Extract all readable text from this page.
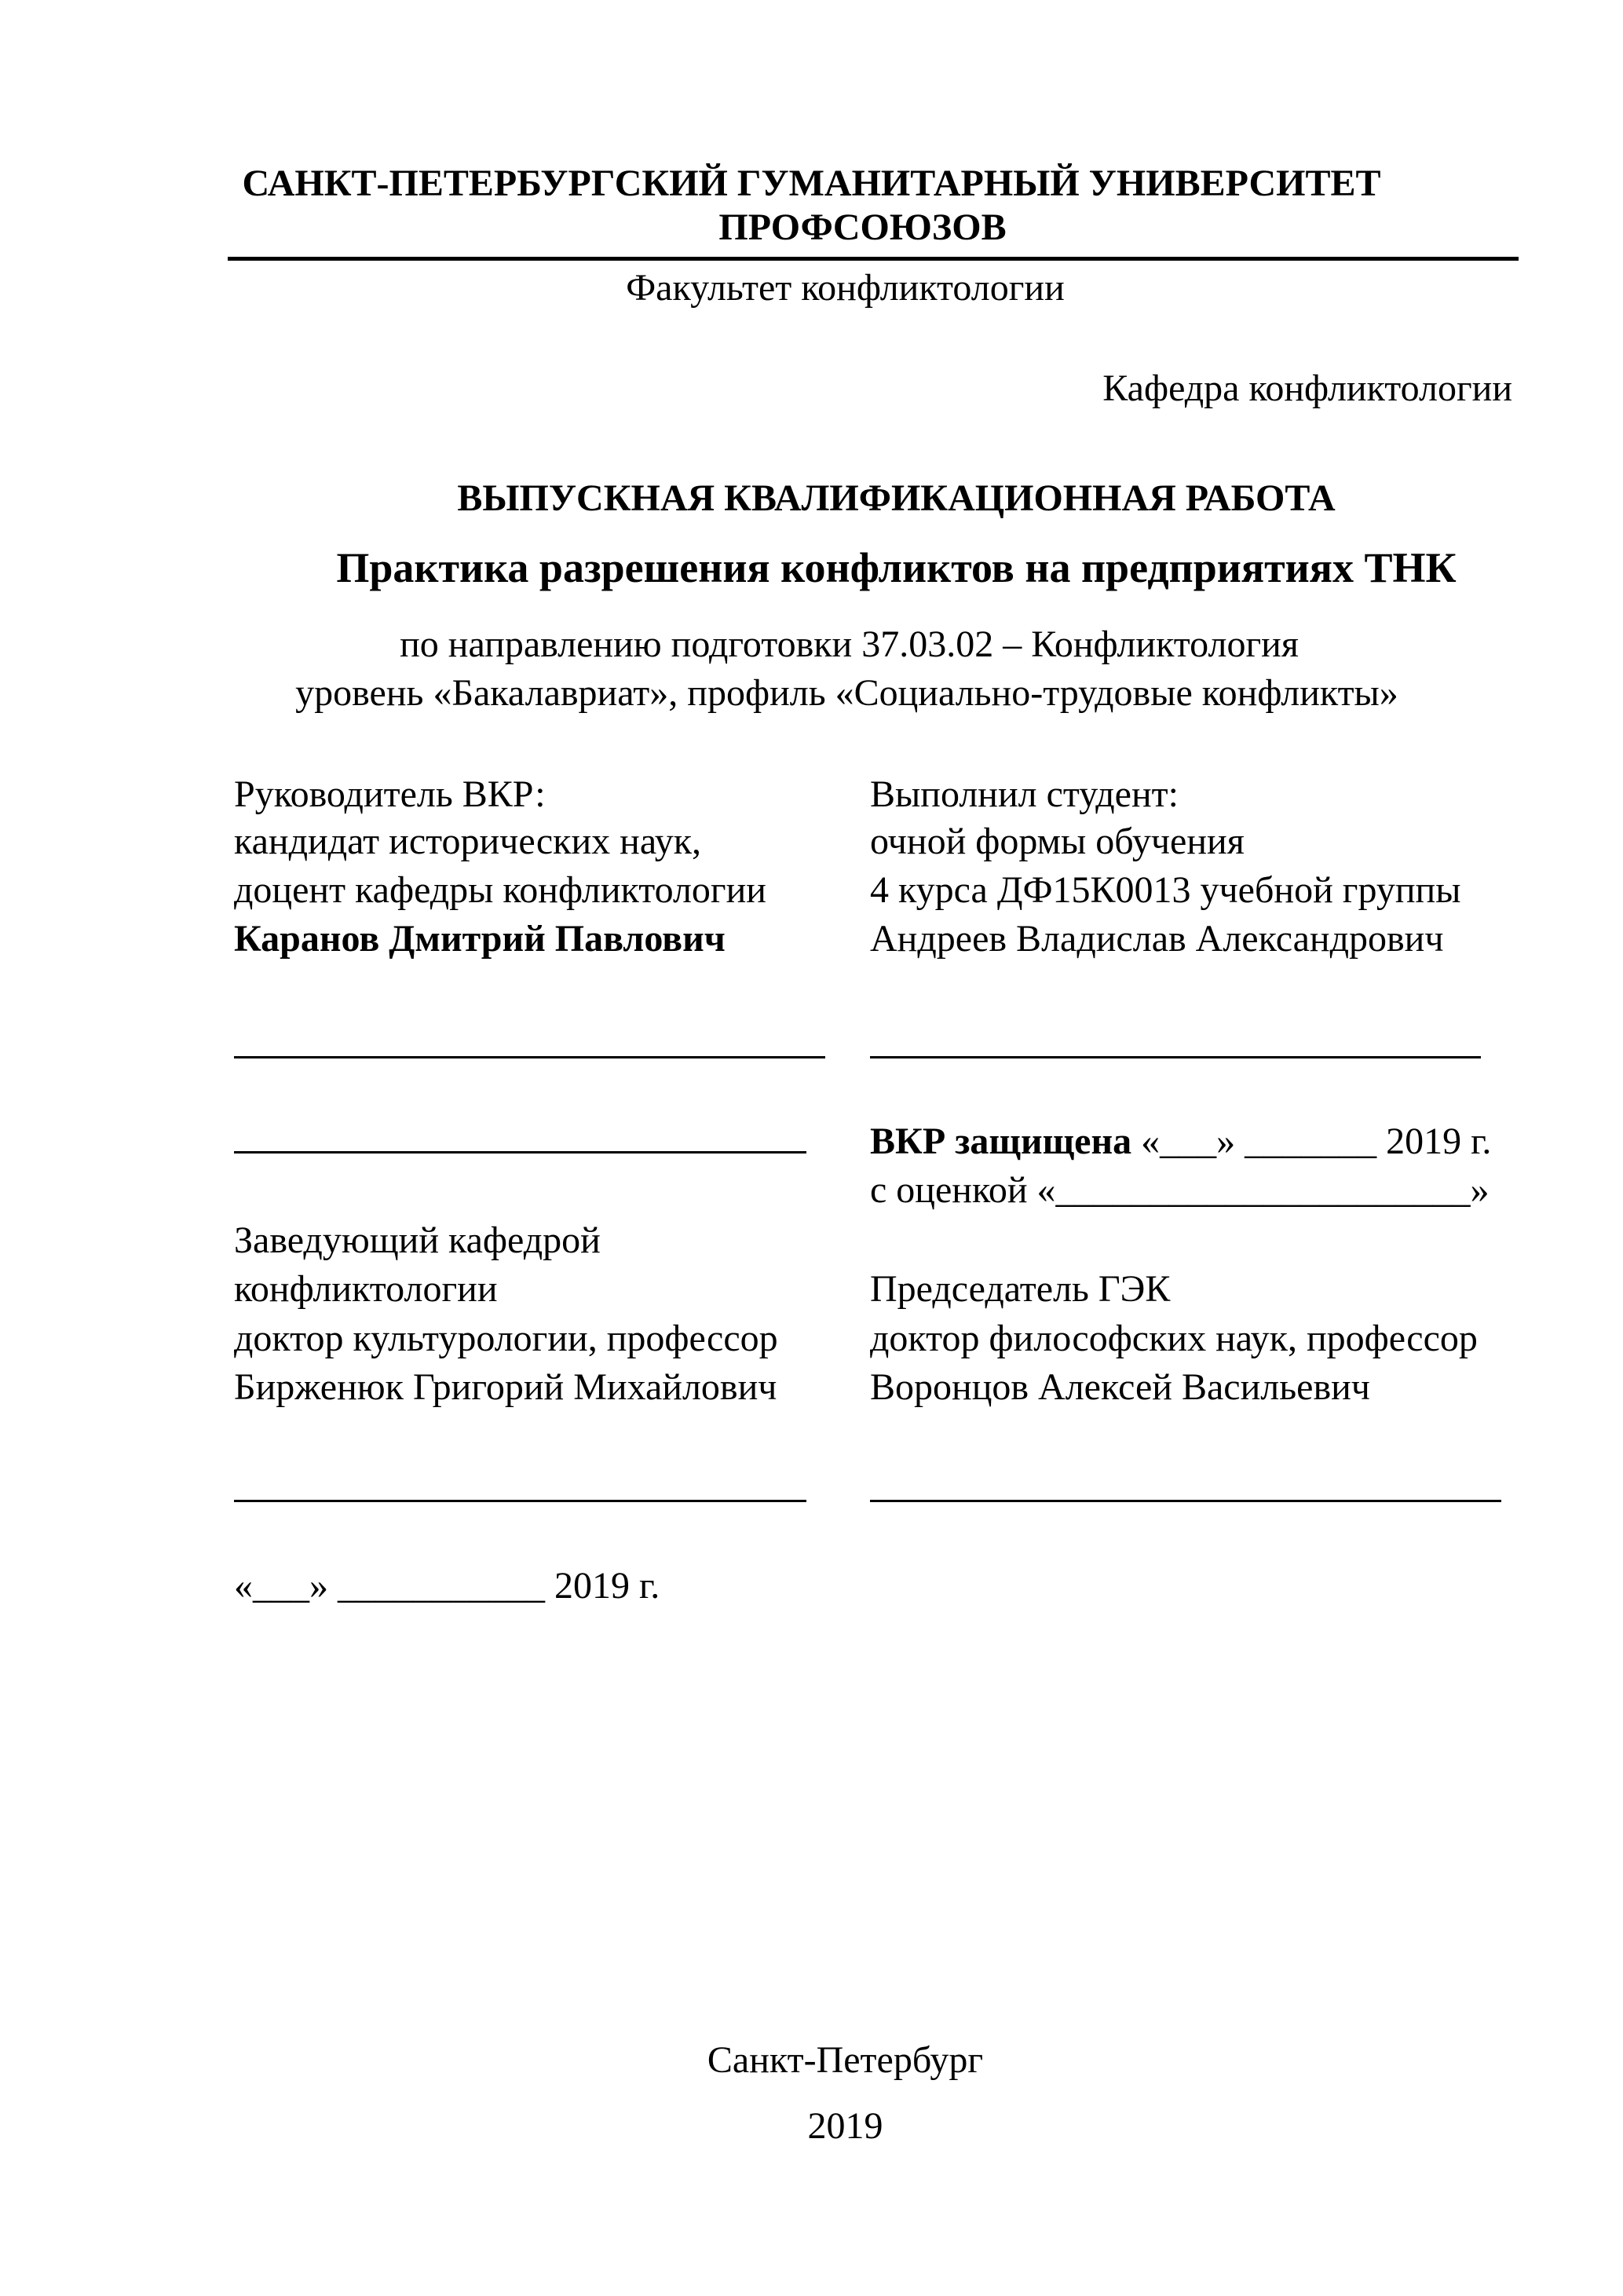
САНКТ-ПЕТЕРБУРГСКИЙ ГУМАНИТАРНЫЙ УНИВЕРСИТЕТ
ПРОФСОЮЗОВ
Факультет конфликтологии
Кафедра конфликтологии
ВЫПУСКНАЯ КВАЛИФИКАЦИОННАЯ РАБОТА
Практика разрешения конфликтов на предприятиях ТНК
по направлению подготовки 37.03.02 – Конфликтология
уровень «Бакалавриат», профиль «Социально-трудовые конфликты»
Руководитель ВКР:
кандидат исторических наук,
доцент кафедры конфликтологии
Каранов Дмитрий Павлович
Выполнил студент:
очной формы обучения
4 курса ДФ15К0013 учебной группы
Андреев Владислав Александрович
ВКР защищена «___» _______ 2019 г.
с оценкой «______________________»
Заведующий кафедрой
конфликтологии
доктор культурологии, профессор
Бирженюк Григорий Михайлович
Председатель ГЭК
доктор философских наук, профессор
Воронцов Алексей Васильевич
«___» ___________ 2019 г.
Санкт-Петербург
2019
